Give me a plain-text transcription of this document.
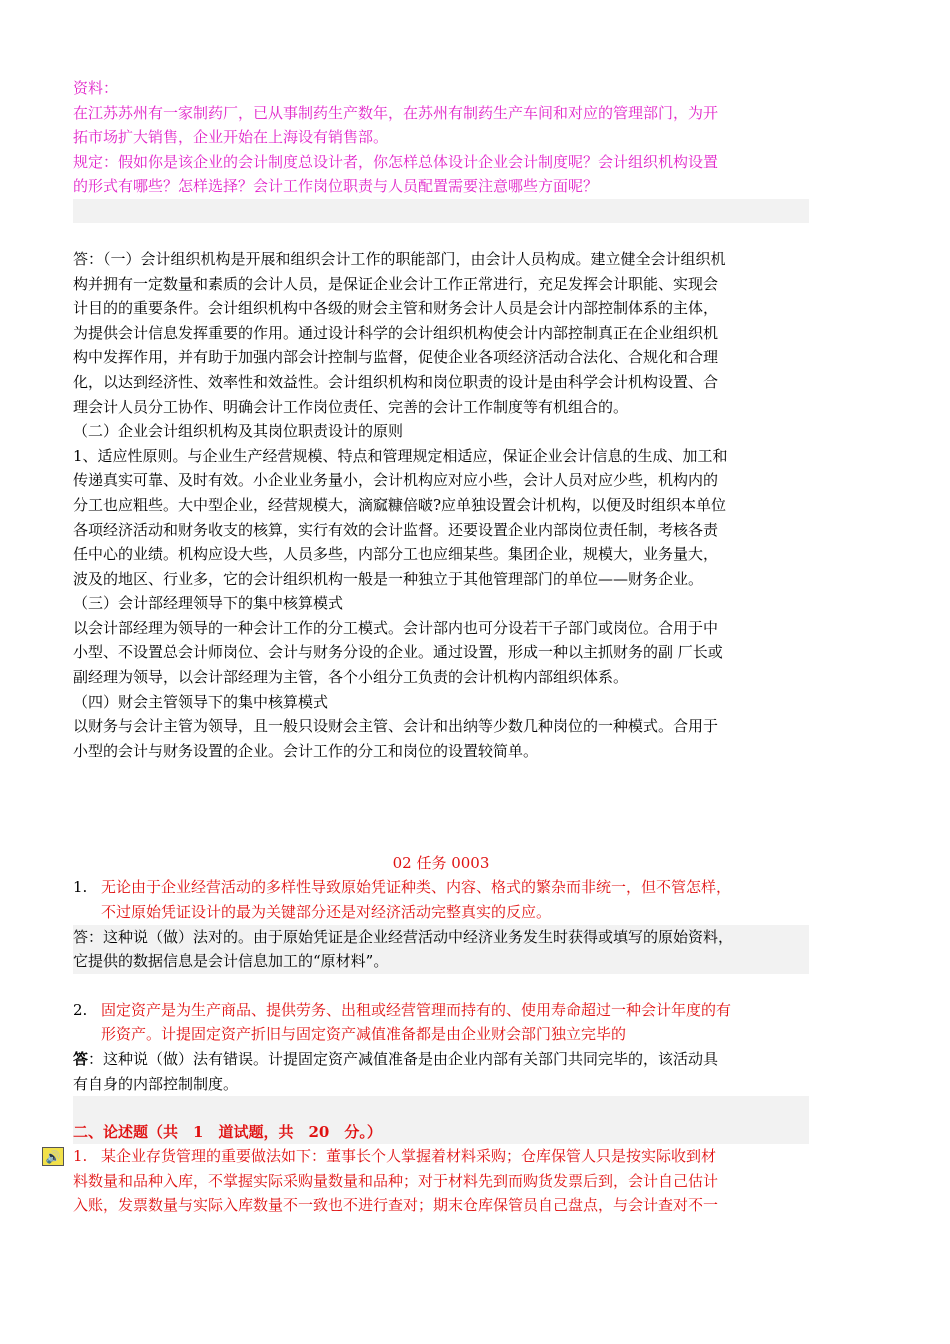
资料：
在江苏苏州有一家制药厂，已从事制药生产数年，在苏州有制药生产车间和对应的管理部门，为开
拓市场扩大销售，企业开始在上海设有销售部。
规定：假如你是该企业的会计制度总设计者，你怎样总体设计企业会计制度呢？会计组织机构设置
的形式有哪些？怎样选择？会计工作岗位职责与人员配置需要注意哪些方面呢？
答：（一）会计组织机构是开展和组织会计工作的职能部门，由会计人员构成。建立健全会计组织机
构并拥有一定数量和素质的会计人员，是保证企业会计工作正常进行，充足发挥会计职能、实现会
计目的的重要条件。会计组织机构中各级的财会主管和财务会计人员是会计内部控制体系的主体，
为提供会计信息发挥重要的作用。通过设计科学的会计组织机构使会计内部控制真正在企业组织机
构中发挥作用，并有助于加强内部会计控制与监督，促使企业各项经济活动合法化、合规化和合理
化，以达到经济性、效率性和效益性。会计组织机构和岗位职责的设计是由科学会计机构设置、合
理会计人员分工协作、明确会计工作岗位责任、完善的会计工作制度等有机组合的。
（二）企业会计组织机构及其岗位职责设计的原则
1、适应性原则。与企业生产经营规模、特点和管理规定相适应，保证企业会计信息的生成、加工和
传递真实可靠、及时有效。小企业业务量小，会计机构应对应小些，会计人员对应少些，机构内的
分工也应粗些。大中型企业，经营规模大，滴窳糠倍啵?应单独设置会计机构，以便及时组织本单位
各项经济活动和财务收支的核算，实行有效的会计监督。还要设置企业内部岗位责任制，考核各责
任中心的业绩。机构应设大些，人员多些，内部分工也应细某些。集团企业，规模大，业务量大，
波及的地区、行业多，它的会计组织机构一般是一种独立于其他管理部门的单位——财务企业。
（三）会计部经理领导下的集中核算模式
以会计部经理为领导的一种会计工作的分工模式。会计部内也可分设若干子部门或岗位。合用于中
小型、不设置总会计师岗位、会计与财务分设的企业。通过设置，形成一种以主抓财务的副 厂长或
副经理为领导，以会计部经理为主管，各个小组分工负责的会计机构内部组织体系。
（四）财会主管领导下的集中核算模式
以财务与会计主管为领导，且一般只设财会主管、会计和出纳等少数几种岗位的一种模式。合用于
小型的会计与财务设置的企业。会计工作的分工和岗位的设置较简单。
02 任务 0003
1. 无论由于企业经营活动的多样性导致原始凭证种类、内容、格式的繁杂而非统一，但不管怎样，
不过原始凭证设计的最为关键部分还是对经济活动完整真实的反应。
答：这种说（做）法对的。由于原始凭证是企业经营活动中经济业务发生时获得或填写的原始资料，
它提供的数据信息是会计信息加工的“原材料”。
2. 固定资产是为生产商品、提供劳务、出租或经营管理而持有的、使用寿命超过一种会计年度的有
形资产。计提固定资产折旧与固定资产减值准备都是由企业财会部门独立完毕的
答：这种说（做）法有错误。计提固定资产减值准备是由企业内部有关部门共同完毕的，该活动具
有自身的内部控制制度。
二、论述题（共　1　道试题，共　20　分。）
🔊 1. 某企业存货管理的重要做法如下：董事长个人掌握着材料采购；仓库保管人只是按实际收到材
料数量和品种入库，不掌握实际采购量数量和品种；对于材料先到而购货发票后到，会计自己估计
入账，发票数量与实际入库数量不一致也不进行查对；期末仓库保管员自己盘点，与会计查对不一
